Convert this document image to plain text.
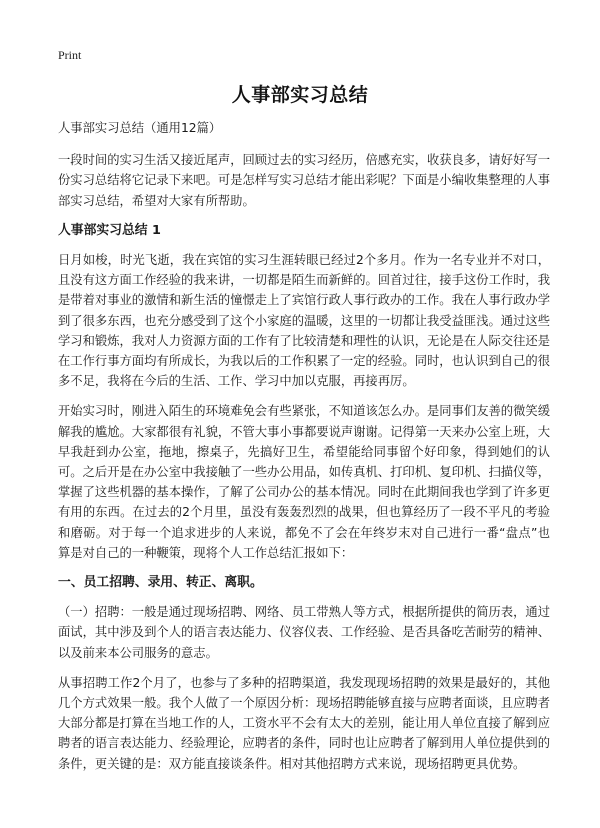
Print
人事部实习总结

人事部实习总结（通用12篇）

一段时间的实习生活又接近尾声，回顾过去的实习经历，倍感充实，收获良多，请好好写一份实习总结将它记录下来吧。可是怎样写实习总结才能出彩呢？下面是小编收集整理的人事部实习总结，希望对大家有所帮助。

人事部实习总结 1

日月如梭，时光飞逝，我在宾馆的实习生涯转眼已经过2个多月。作为一名专业并不对口，且没有这方面工作经验的我来讲，一切都是陌生而新鲜的。回首过往，接手这份工作时，我是带着对事业的激情和新生活的憧憬走上了宾馆行政人事行政办的工作。我在人事行政办学到了很多东西，也充分感受到了这个小家庭的温暖，这里的一切都让我受益匪浅。通过这些学习和锻炼，我对人力资源方面的工作有了比较清楚和理性的认识，无论是在人际交往还是在工作行事方面均有所成长，为我以后的工作积累了一定的经验。同时，也认识到自己的很多不足，我将在今后的生活、工作、学习中加以克服，再接再厉。

开始实习时，刚进入陌生的环境难免会有些紧张，不知道该怎么办。是同事们友善的微笑缓解我的尴尬。大家都很有礼貌，不管大事小事都要说声谢谢。记得第一天来办公室上班，大早我赶到办公室，拖地，擦桌子，先搞好卫生，希望能给同事留个好印象，得到她们的认可。之后开是在办公室中我接触了一些办公用品，如传真机、打印机、复印机、扫描仪等，掌握了这些机器的基本操作，了解了公司办公的基本情况。同时在此期间我也学到了许多更有用的东西。在过去的2个月里，虽没有轰轰烈烈的战果，但也算经历了一段不平凡的考验和磨砺。对于每一个追求进步的人来说，都免不了会在年终岁末对自己进行一番“盘点”也算是对自己的一种鞭策，现将个人工作总结汇报如下：

一、员工招聘、录用、转正、离职。

（一）招聘：一般是通过现场招聘、网络、员工带熟人等方式，根据所提供的简历表，通过面试，其中涉及到个人的语言表达能力、仪容仪表、工作经验、是否具备吃苦耐劳的精神、以及前来本公司服务的意志。

从事招聘工作2个月了，也参与了多种的招聘渠道，我发现现场招聘的效果是最好的，其他几个方式效果一般。我个人做了一个原因分析：现场招聘能够直接与应聘者面谈，且应聘者大部分都是打算在当地工作的人，工资水平不会有太大的差别，能让用人单位直接了解到应聘者的语言表达能力、经验理论，应聘者的条件，同时也让应聘者了解到用人单位提供到的条件，更关键的是：双方能直接谈条件。相对其他招聘方式来说，现场招聘更具优势。
